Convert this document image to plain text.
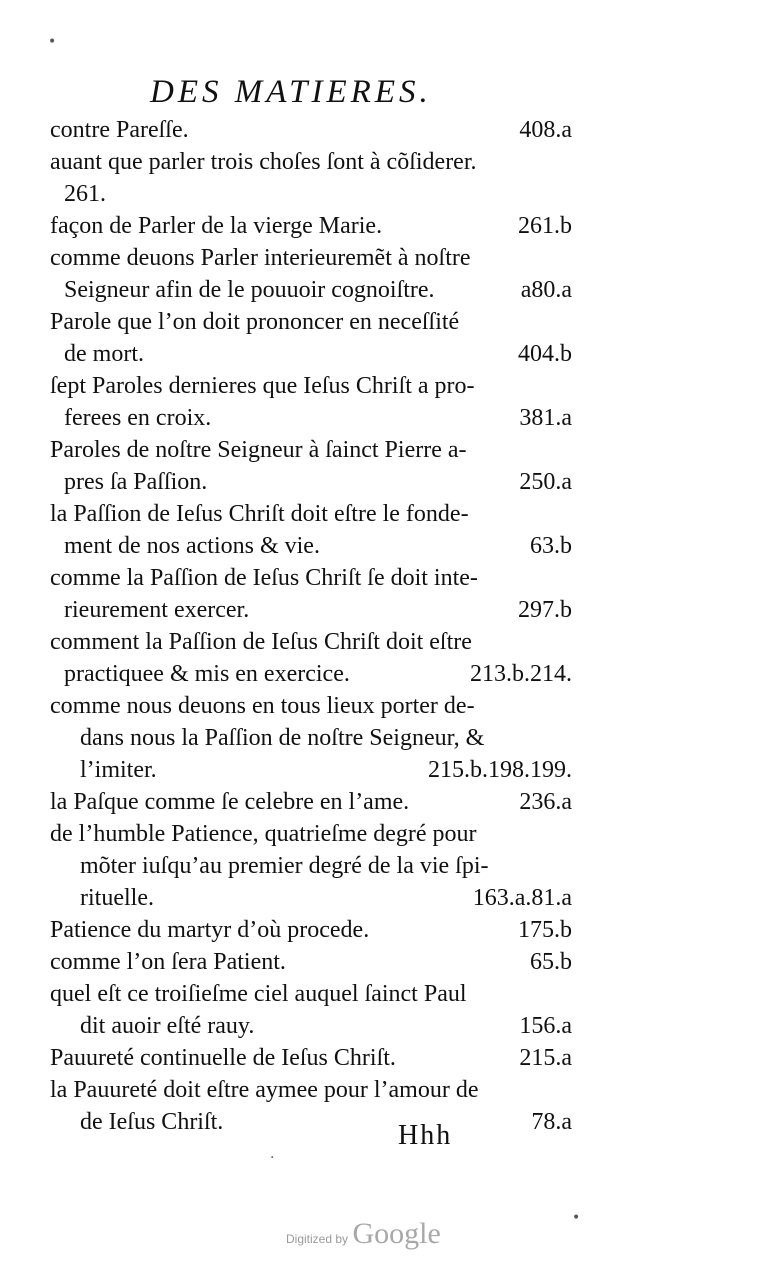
•
DES MATIERES.
contre Pareſſe.	408.a
auant que parler trois choſes ſont à cõſiderer.
261.
façon de Parler de la vierge Marie.	261.b
comme deuons Parler interieuremẽt à noſtre
Seigneur afin de le pouuoir cognoiſtre.	a80.a
Parole que l’on doit prononcer en neceſſité
de mort.	404.b
ſept Paroles dernieres que Ieſus Chriſt a pro-
ferees en croix.	381.a
Paroles de noſtre Seigneur à ſainct Pierre a-
pres ſa Paſſion.	250.a
la Paſſion de Ieſus Chriſt doit eſtre le fonde-
ment de nos actions & vie.	63.b
comme la Paſſion de Ieſus Chriſt ſe doit inte-
rieurement exercer.	297.b
comment la Paſſion de Ieſus Chriſt doit eſtre
practiquee & mis en exercice.	213.b.214.
comme nous deuons en tous lieux porter de-
dans nous la Paſſion de noſtre Seigneur, &
l’imiter.	215.b.198.199.
la Paſque comme ſe celebre en l’ame.	236.a
de l’humble Patience, quatrieſme degré pour
mõter iuſqu’au premier degré de la vie ſpi-
rituelle.	163.a.81.a
Patience du martyr d’où procede.	175.b
comme l’on ſera Patient.	65.b
quel eſt ce troiſieſme ciel auquel ſainct Paul
dit auoir eſté rauy.	156.a
Pauureté continuelle de Ieſus Chriſt.	215.a
la Pauureté doit eſtre aymee pour l’amour de
de Ieſus Chriſt.	78.a
Hhh
Digitized by Google	•
·
